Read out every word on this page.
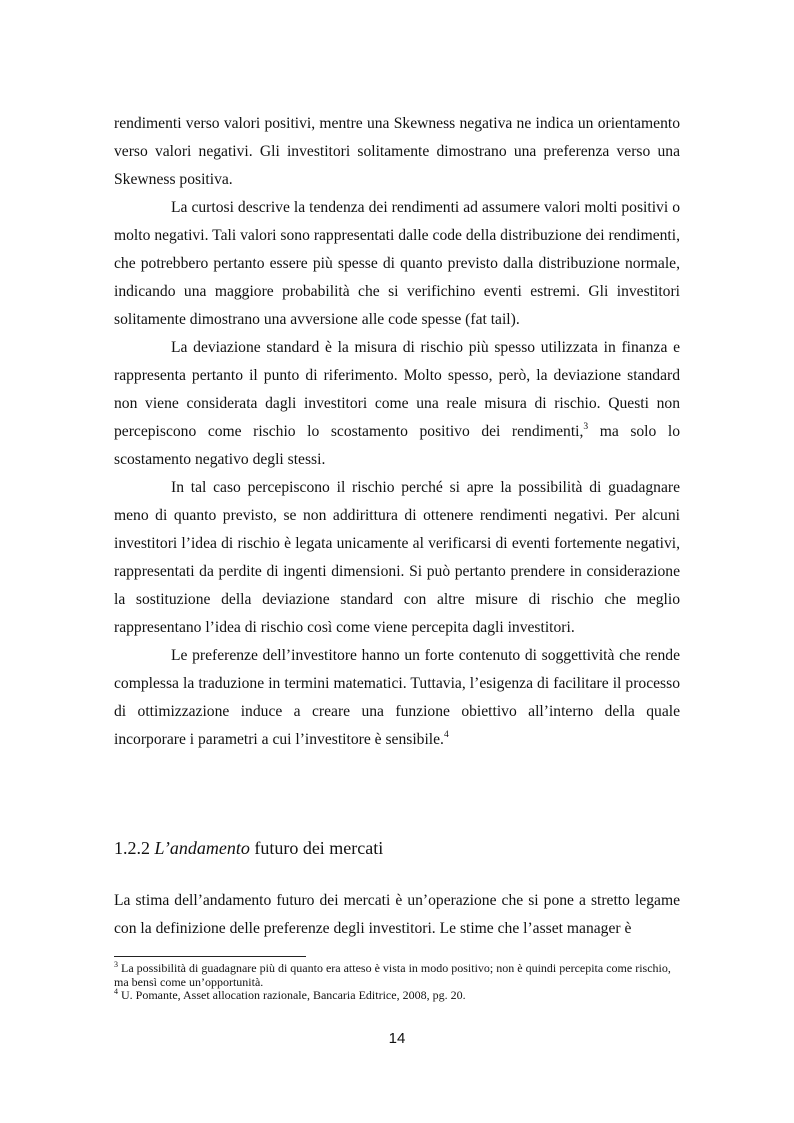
rendimenti verso valori positivi, mentre una Skewness negativa ne indica un orientamento verso valori negativi. Gli investitori solitamente dimostrano una preferenza verso una Skewness positiva.

La curtosi descrive la tendenza dei rendimenti ad assumere valori molti positivi o molto negativi. Tali valori sono rappresentati dalle code della distribuzione dei rendimenti, che potrebbero pertanto essere più spesse di quanto previsto dalla distribuzione normale, indicando una maggiore probabilità che si verifichino eventi estremi. Gli investitori solitamente dimostrano una avversione alle code spesse (fat tail).

La deviazione standard è la misura di rischio più spesso utilizzata in finanza e rappresenta pertanto il punto di riferimento. Molto spesso, però, la deviazione standard non viene considerata dagli investitori come una reale misura di rischio. Questi non percepiscono come rischio lo scostamento positivo dei rendimenti,$^3$ ma solo lo scostamento negativo degli stessi.

In tal caso percepiscono il rischio perché si apre la possibilità di guadagnare meno di quanto previsto, se non addirittura di ottenere rendimenti negativi. Per alcuni investitori l’idea di rischio è legata unicamente al verificarsi di eventi fortemente negativi, rappresentati da perdite di ingenti dimensioni. Si può pertanto prendere in considerazione la sostituzione della deviazione standard con altre misure di rischio che meglio rappresentano l’idea di rischio così come viene percepita dagli investitori.

Le preferenze dell’investitore hanno un forte contenuto di soggettività che rende complessa la traduzione in termini matematici. Tuttavia, l’esigenza di facilitare il processo di ottimizzazione induce a creare una funzione obiettivo all’interno della quale incorporare i parametri a cui l’investitore è sensibile.$^4$

1.2.2 L’andamento futuro dei mercati

La stima dell’andamento futuro dei mercati è un’operazione che si pone a stretto legame con la definizione delle preferenze degli investitori. Le stime che l’asset manager è

$^3$ La possibilità di guadagnare più di quanto era atteso è vista in modo positivo; non è quindi percepita come rischio, ma bensì come un’opportunità.

$^4$ U. Pomante, Asset allocation razionale, Bancaria Editrice, 2008, pg. 20.

14
